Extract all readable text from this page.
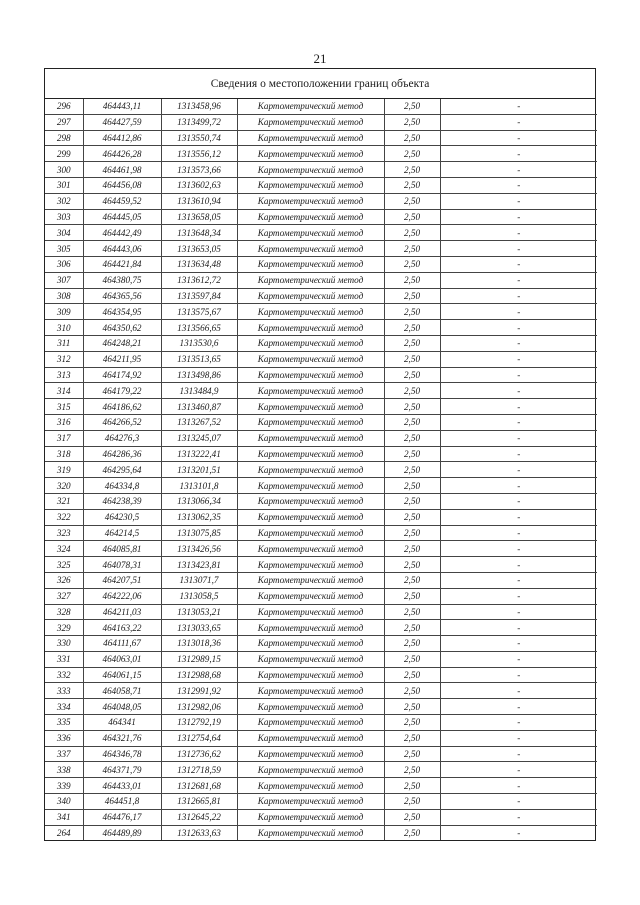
21
Сведения о местоположении границ объекта
296	464443,11	1313458,96	Картометрический метод	2,50	-
297	464427,59	1313499,72	Картометрический метод	2,50	-
298	464412,86	1313550,74	Картометрический метод	2,50	-
299	464426,28	1313556,12	Картометрический метод	2,50	-
300	464461,98	1313573,66	Картометрический метод	2,50	-
301	464456,08	1313602,63	Картометрический метод	2,50	-
302	464459,52	1313610,94	Картометрический метод	2,50	-
303	464445,05	1313658,05	Картометрический метод	2,50	-
304	464442,49	1313648,34	Картометрический метод	2,50	-
305	464443,06	1313653,05	Картометрический метод	2,50	-
306	464421,84	1313634,48	Картометрический метод	2,50	-
307	464380,75	1313612,72	Картометрический метод	2,50	-
308	464365,56	1313597,84	Картометрический метод	2,50	-
309	464354,95	1313575,67	Картометрический метод	2,50	-
310	464350,62	1313566,65	Картометрический метод	2,50	-
311	464248,21	1313530,6	Картометрический метод	2,50	-
312	464211,95	1313513,65	Картометрический метод	2,50	-
313	464174,92	1313498,86	Картометрический метод	2,50	-
314	464179,22	1313484,9	Картометрический метод	2,50	-
315	464186,62	1313460,87	Картометрический метод	2,50	-
316	464266,52	1313267,52	Картометрический метод	2,50	-
317	464276,3	1313245,07	Картометрический метод	2,50	-
318	464286,36	1313222,41	Картометрический метод	2,50	-
319	464295,64	1313201,51	Картометрический метод	2,50	-
320	464334,8	1313101,8	Картометрический метод	2,50	-
321	464238,39	1313066,34	Картометрический метод	2,50	-
322	464230,5	1313062,35	Картометрический метод	2,50	-
323	464214,5	1313075,85	Картометрический метод	2,50	-
324	464085,81	1313426,56	Картометрический метод	2,50	-
325	464078,31	1313423,81	Картометрический метод	2,50	-
326	464207,51	1313071,7	Картометрический метод	2,50	-
327	464222,06	1313058,5	Картометрический метод	2,50	-
328	464211,03	1313053,21	Картометрический метод	2,50	-
329	464163,22	1313033,65	Картометрический метод	2,50	-
330	464111,67	1313018,36	Картометрический метод	2,50	-
331	464063,01	1312989,15	Картометрический метод	2,50	-
332	464061,15	1312988,68	Картометрический метод	2,50	-
333	464058,71	1312991,92	Картометрический метод	2,50	-
334	464048,05	1312982,06	Картометрический метод	2,50	-
335	464341	1312792,19	Картометрический метод	2,50	-
336	464321,76	1312754,64	Картометрический метод	2,50	-
337	464346,78	1312736,62	Картометрический метод	2,50	-
338	464371,79	1312718,59	Картометрический метод	2,50	-
339	464433,01	1312681,68	Картометрический метод	2,50	-
340	464451,8	1312665,81	Картометрический метод	2,50	-
341	464476,17	1312645,22	Картометрический метод	2,50	-
264	464489,89	1312633,63	Картометрический метод	2,50	-
